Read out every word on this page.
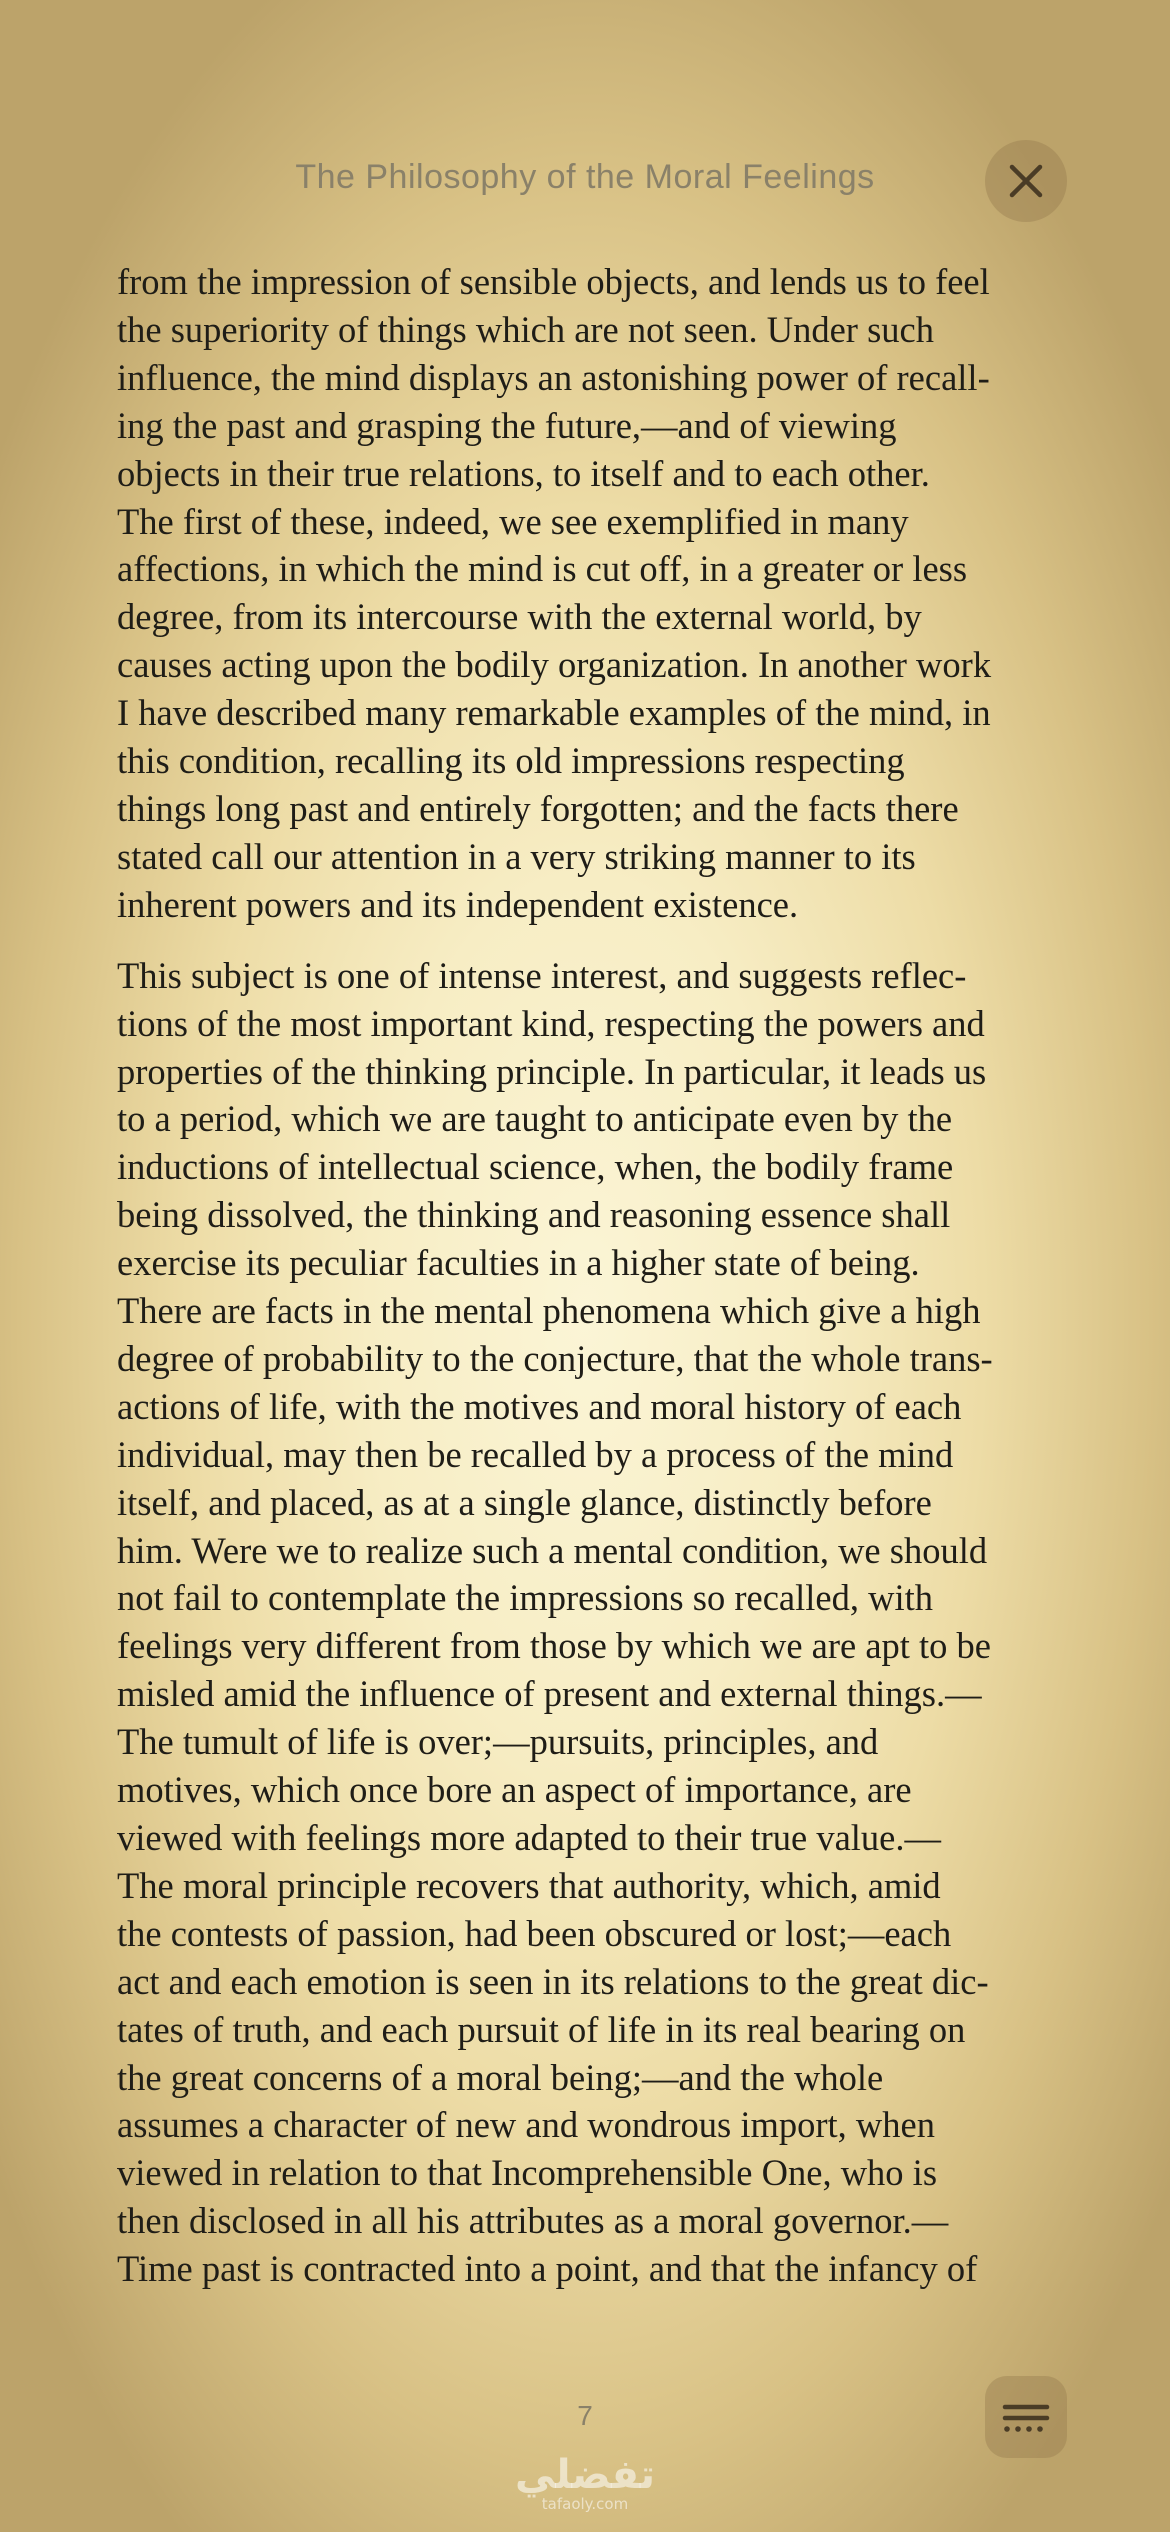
The Philosophy of the Moral Feelings

from the impression of sensible objects, and lends us to feel
the superiority of things which are not seen. Under such
influence, the mind displays an astonishing power of recall-
ing the past and grasping the future,—and of viewing
objects in their true relations, to itself and to each other.
The first of these, indeed, we see exemplified in many
affections, in which the mind is cut off, in a greater or less
degree, from its intercourse with the external world, by
causes acting upon the bodily organization. In another work
I have described many remarkable examples of the mind, in
this condition, recalling its old impressions respecting
things long past and entirely forgotten; and the facts there
stated call our attention in a very striking manner to its
inherent powers and its independent existence.

This subject is one of intense interest, and suggests reflec-
tions of the most important kind, respecting the powers and
properties of the thinking principle. In particular, it leads us
to a period, which we are taught to anticipate even by the
inductions of intellectual science, when, the bodily frame
being dissolved, the thinking and reasoning essence shall
exercise its peculiar faculties in a higher state of being.
There are facts in the mental phenomena which give a high
degree of probability to the conjecture, that the whole trans-
actions of life, with the motives and moral history of each
individual, may then be recalled by a process of the mind
itself, and placed, as at a single glance, distinctly before
him. Were we to realize such a mental condition, we should
not fail to contemplate the impressions so recalled, with
feelings very different from those by which we are apt to be
misled amid the influence of present and external things.—
The tumult of life is over;—pursuits, principles, and
motives, which once bore an aspect of importance, are
viewed with feelings more adapted to their true value.—
The moral principle recovers that authority, which, amid
the contests of passion, had been obscured or lost;—each
act and each emotion is seen in its relations to the great dic-
tates of truth, and each pursuit of life in its real bearing on
the great concerns of a moral being;—and the whole
assumes a character of new and wondrous import, when
viewed in relation to that Incomprehensible One, who is
then disclosed in all his attributes as a moral governor.—
Time past is contracted into a point, and that the infancy of

7
تفضلي
tafaoly.com
